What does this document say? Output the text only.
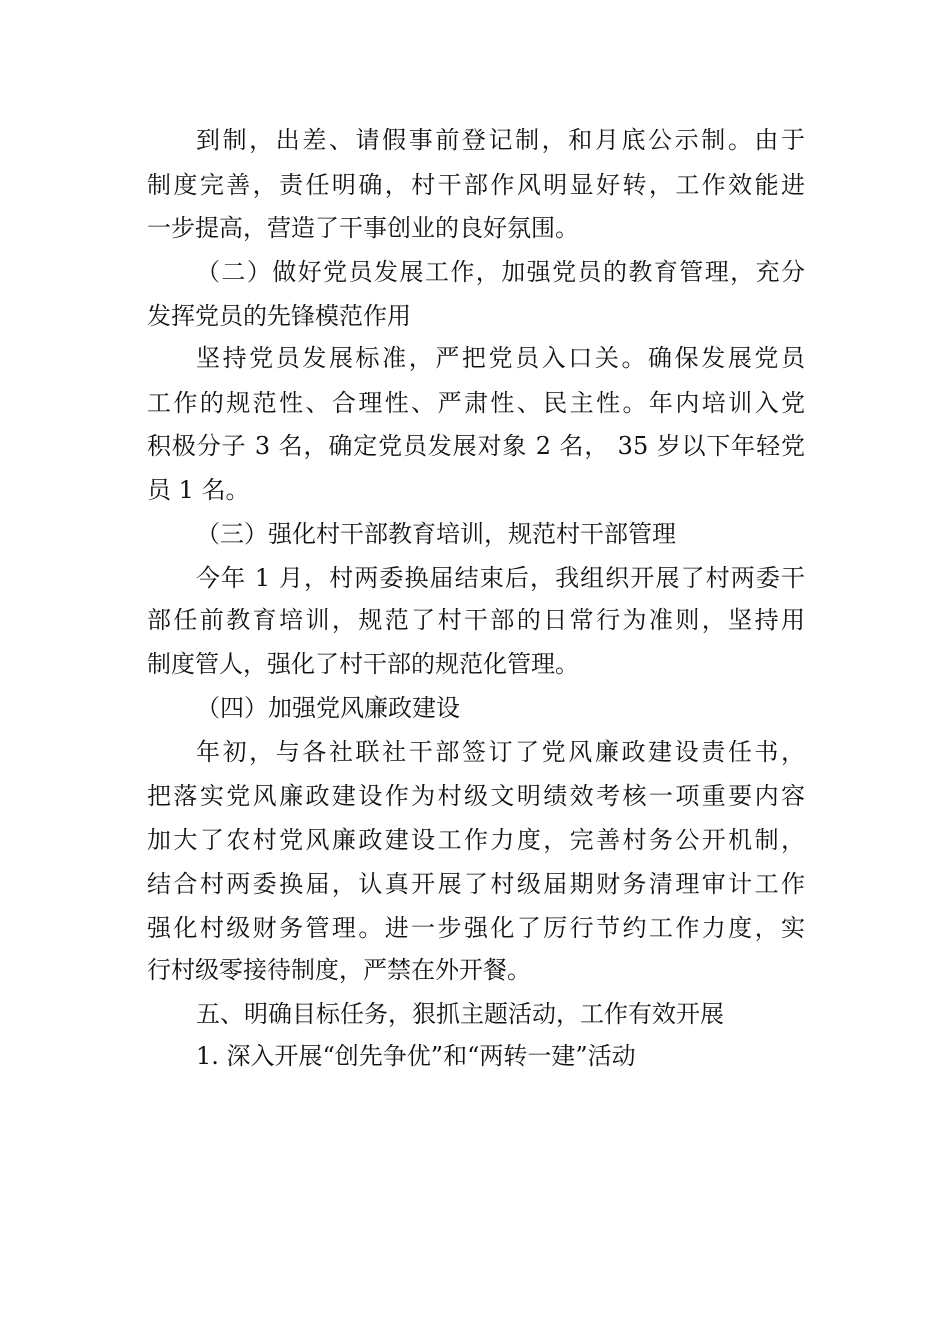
到制，出差、请假事前登记制，和月底公示制。由于
制度完善，责任明确，村干部作风明显好转，工作效能进
一步提高，营造了干事创业的良好氛围。
（二）做好党员发展工作，加强党员的教育管理，充分
发挥党员的先锋模范作用
坚持党员发展标准，严把党员入口关。确保发展党员
工作的规范性、合理性、严肃性、民主性。年内培训入党
积极分子 3 名，确定党员发展对象 2 名， 35 岁以下年轻党
员 1 名。
（三）强化村干部教育培训，规范村干部管理
今年 1 月，村两委换届结束后，我组织开展了村两委干
部任前教育培训，规范了村干部的日常行为准则，坚持用
制度管人，强化了村干部的规范化管理。
（四）加强党风廉政建设
年初，与各社联社干部签订了党风廉政建设责任书，
把落实党风廉政建设作为村级文明绩效考核一项重要内容
加大了农村党风廉政建设工作力度，完善村务公开机制，
结合村两委换届，认真开展了村级届期财务清理审计工作
强化村级财务管理。进一步强化了厉行节约工作力度，实
行村级零接待制度，严禁在外开餐。
五、明确目标任务，狠抓主题活动，工作有效开展
1. 深入开展“创先争优”和“两转一建”活动
